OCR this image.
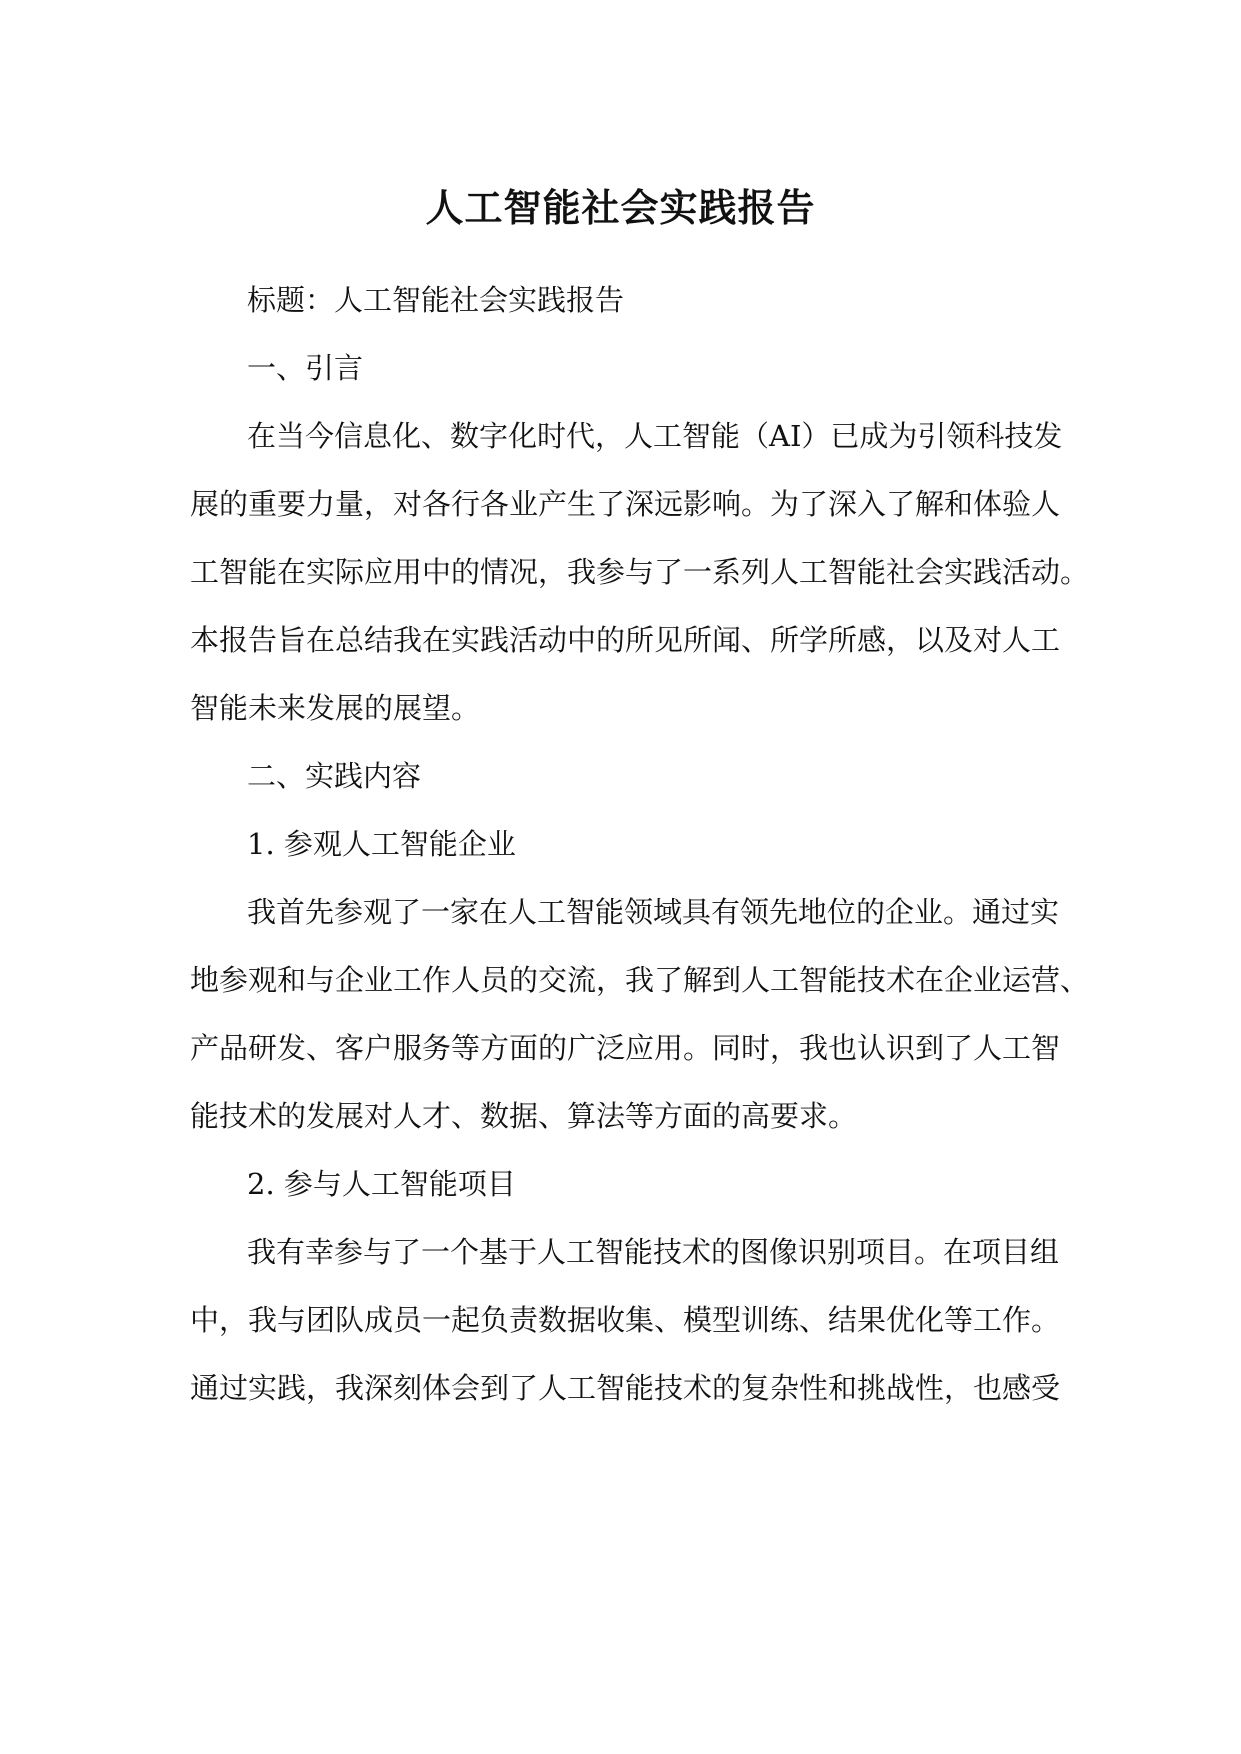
人工智能社会实践报告

标题：人工智能社会实践报告

一、引言

在当今信息化、数字化时代，人工智能（AI）已成为引领科技发

展的重要力量，对各行各业产生了深远影响。为了深入了解和体验人

工智能在实际应用中的情况，我参与了一系列人工智能社会实践活动。

本报告旨在总结我在实践活动中的所见所闻、所学所感，以及对人工

智能未来发展的展望。

二、实践内容

1. 参观人工智能企业

我首先参观了一家在人工智能领域具有领先地位的企业。通过实

地参观和与企业工作人员的交流，我了解到人工智能技术在企业运营、

产品研发、客户服务等方面的广泛应用。同时，我也认识到了人工智

能技术的发展对人才、数据、算法等方面的高要求。

2. 参与人工智能项目

我有幸参与了一个基于人工智能技术的图像识别项目。在项目组

中，我与团队成员一起负责数据收集、模型训练、结果优化等工作。

通过实践，我深刻体会到了人工智能技术的复杂性和挑战性，也感受
